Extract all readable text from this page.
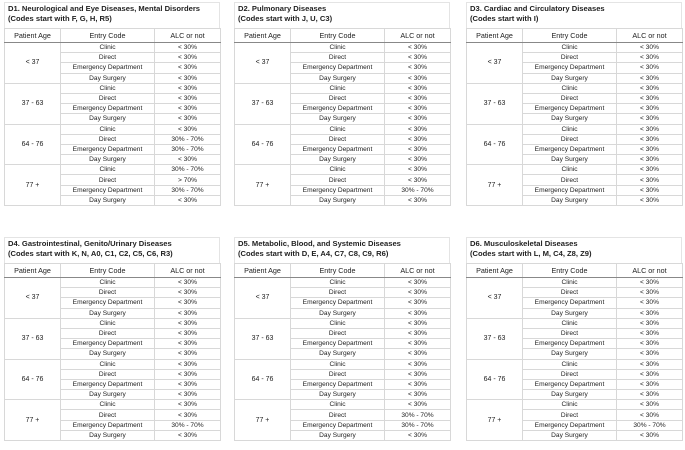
D1. Neurological and Eye Diseases, Mental Disorders
(Codes start with F, G, H, R5)
Patient Age	Entry Code	ALC or not
< 37	Clinic	< 30%
	Direct	< 30%
	Emergency Department	< 30%
	Day Surgery	< 30%
37 - 63	Clinic	< 30%
	Direct	< 30%
	Emergency Department	< 30%
	Day Surgery	< 30%
64 - 76	Clinic	< 30%
	Direct	30% - 70%
	Emergency Department	30% - 70%
	Day Surgery	< 30%
77 +	Clinic	30% - 70%
	Direct	> 70%
	Emergency Department	30% - 70%
	Day Surgery	< 30%
D2. Pulmonary Diseases
(Codes start with J, U, C3)
Patient Age	Entry Code	ALC or not
< 37	Clinic	< 30%
	Direct	< 30%
	Emergency Department	< 30%
	Day Surgery	< 30%
37 - 63	Clinic	< 30%
	Direct	< 30%
	Emergency Department	< 30%
	Day Surgery	< 30%
64 - 76	Clinic	< 30%
	Direct	< 30%
	Emergency Department	< 30%
	Day Surgery	< 30%
77 +	Clinic	< 30%
	Direct	< 30%
	Emergency Department	30% - 70%
	Day Surgery	< 30%
D3. Cardiac and Circulatory Diseases
(Codes start with I)
Patient Age	Entry Code	ALC or not
< 37	Clinic	< 30%
	Direct	< 30%
	Emergency Department	< 30%
	Day Surgery	< 30%
37 - 63	Clinic	< 30%
	Direct	< 30%
	Emergency Department	< 30%
	Day Surgery	< 30%
64 - 76	Clinic	< 30%
	Direct	< 30%
	Emergency Department	< 30%
	Day Surgery	< 30%
77 +	Clinic	< 30%
	Direct	< 30%
	Emergency Department	< 30%
	Day Surgery	< 30%
D4. Gastrointestinal, Genito/Urinary Diseases
(Codes start with K, N, A0, C1, C2, C5, C6, R3)
Patient Age	Entry Code	ALC or not
< 37	Clinic	< 30%
	Direct	< 30%
	Emergency Department	< 30%
	Day Surgery	< 30%
37 - 63	Clinic	< 30%
	Direct	< 30%
	Emergency Department	< 30%
	Day Surgery	< 30%
64 - 76	Clinic	< 30%
	Direct	< 30%
	Emergency Department	< 30%
	Day Surgery	< 30%
77 +	Clinic	< 30%
	Direct	< 30%
	Emergency Department	30% - 70%
	Day Surgery	< 30%
D5. Metabolic, Blood, and Systemic Diseases
(Codes start with D, E, A4, C7, C8, C9, R6)
Patient Age	Entry Code	ALC or not
< 37	Clinic	< 30%
	Direct	< 30%
	Emergency Department	< 30%
	Day Surgery	< 30%
37 - 63	Clinic	< 30%
	Direct	< 30%
	Emergency Department	< 30%
	Day Surgery	< 30%
64 - 76	Clinic	< 30%
	Direct	< 30%
	Emergency Department	< 30%
	Day Surgery	< 30%
77 +	Clinic	< 30%
	Direct	30% - 70%
	Emergency Department	30% - 70%
	Day Surgery	< 30%
D6. Musculoskeletal Diseases
(Codes start with L, M, C4, Z8, Z9)
Patient Age	Entry Code	ALC or not
< 37	Clinic	< 30%
	Direct	< 30%
	Emergency Department	< 30%
	Day Surgery	< 30%
37 - 63	Clinic	< 30%
	Direct	< 30%
	Emergency Department	< 30%
	Day Surgery	< 30%
64 - 76	Clinic	< 30%
	Direct	< 30%
	Emergency Department	< 30%
	Day Surgery	< 30%
77 +	Clinic	< 30%
	Direct	< 30%
	Emergency Department	30% - 70%
	Day Surgery	< 30%
